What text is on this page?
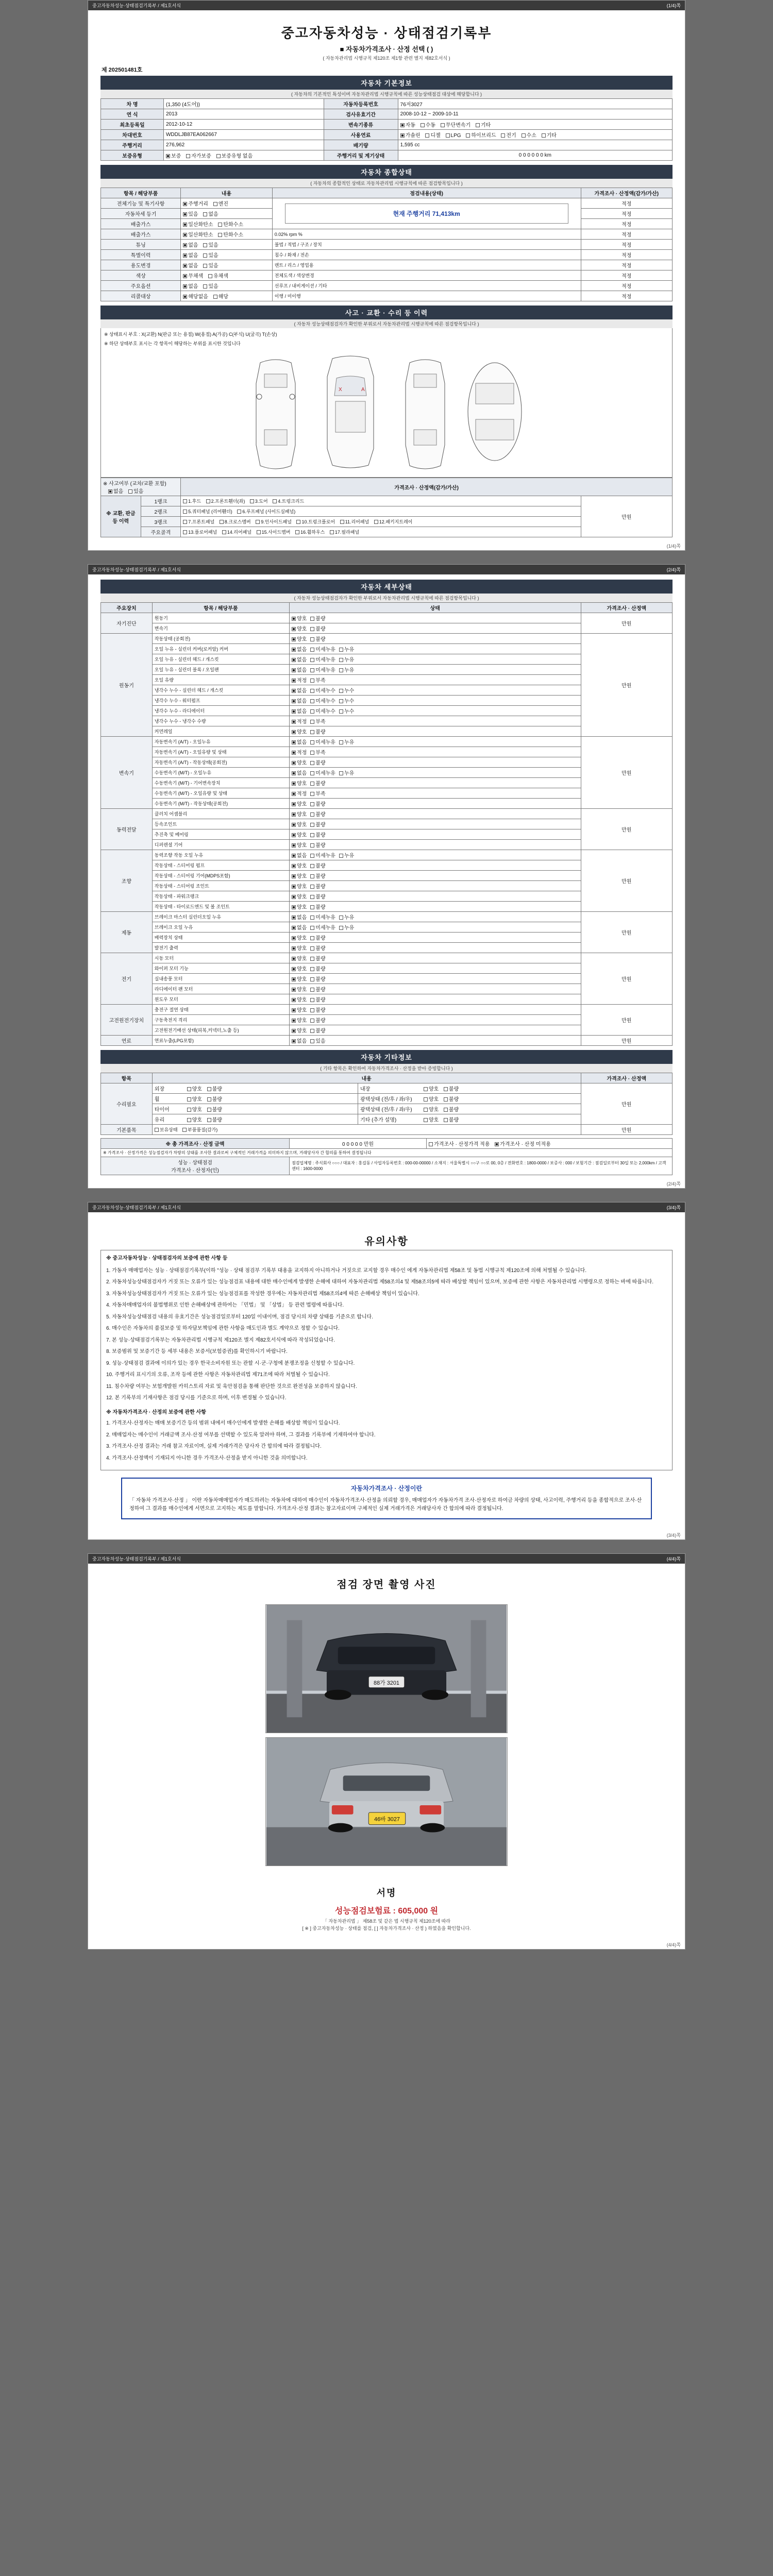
중고자동차성능·상태점검기록부 / 제1호서식	(1/4)쪽
중고자동차성능 · 상태점검기록부
■ 자동차가격조사 · 산정 선택 ( )
( 자동차관리법 시행규칙 제120조 제1항 관련 별지 제82호서식 )
제 202501481호
자동차 기본정보
( 자동차의 기본적인 특성이며 자동차관리법 시행규칙에 따른 성능상태점검 대상에 해당합니다 )
차 명	(1,350 (4도어))	자동차등록번호	76저3027
연 식	2013	검사유효기간	2008-10-12 ~ 2009-10-11
최초등록일	2012-10-12	변속기종류	자동 수동 무단변속기 기타
차대번호	WDDLJB87EA062667	사용연료	가솔린 디젤 LPG 하이브리드 전기 수소 기타
주행거리	276,962	배기량	1,595 cc
보증유형	보증 자가보증 보증유형 없음	주행거리 및 계기상태	0 0 0 0 0 0 km
자동차 종합상태
( 자동차의 종합적인 상태로 자동차관리법 시행규칙에 따른 점검항목입니다 )
항목 / 해당부품	내용	점검내용(상태)	가격조사 · 산정액(감가/가산)
전체기능 및 특기사항	주행거리 엔진	현재 주행거리 71,413km	적정
자동차세 등기	있음 없음		적정
배출가스	일산화탄소 탄화수소		적정
배출가스	일산화탄소 탄화수소	0.02% rpm %	적정
튜닝	없음 있음	불법 / 적법 / 구조 / 장치	적정
특별이력	없음 있음	침수 / 화재 / 전손	적정
용도변경	없음 있음	렌트 / 리스 / 영업용	적정
색상	무채색 유채색	전체도색 / 색상변경	적정
주요옵션	없음 있음	선루프 / 내비게이션 / 기타	적정
리콜대상	해당없음 해당	이행 / 미이행	적정
사고 · 교환 · 수리 등 이력
( 자동차 성능상태점검자가 확인한 부위로서 자동차관리법 시행규칙에 따른 점검항목입니다 )
※ 상태표시 부호 : X(교환) N(판금 또는 용접) W(용접) A(가공) C(부식) U(굴곡) T(손상)
※ 하단 상태부호 표시는 각 항목이 해당하는 부위를 표시한 것입니다
X	A
※ 사고여부 (교차/교환 포함) 없음 있음		가격조사 · 산정액(감가/가산)	
※ 교환, 판금 등 이력	1랭크	1.후드 2.프론트휀더(좌) 3.도어 4.트렁크리드	만원
	2랭크	5.쿼터패널 (리어휀더) 6.루프패널 (사이드실패널)	
	3랭크	7.프론트패널 8.크로스멤버 9.인사이드패널 10.트렁크플로어 11.리어패널 12.패키지트레이	
	주요골격	13.플로어패널 14.리어패널 15.사이드멤버 16.휠하우스 17.필라패널	
(1/4)쪽
중고자동차성능·상태점검기록부 / 제1호서식	(2/4)쪽
자동차 세부상태
( 자동차 성능상태점검자가 확인한 부위로서 자동차관리법 시행규칙에 따른 점검항목입니다 )
주요장치	항목 / 해당부품	상태	가격조사 · 산정액
자기진단	원동기	양호 불량	만원
	변속기	양호 불량	
원동기	작동상태 (공회전)	양호 불량	만원
	오일 누유 - 실린더 커버(로커암) 커버	없음 미세누유 누유	
	오일 누유 - 실린더 헤드 / 개스킷	없음 미세누유 누유	
	오일 누유 - 실린더 블록 / 오일팬	없음 미세누유 누유	
	오일 유량	적정 부족	
	냉각수 누수 - 실린더 헤드 / 개스킷	없음 미세누수 누수	
	냉각수 누수 - 워터펌프	없음 미세누수 누수	
	냉각수 누수 - 라디에이터	없음 미세누수 누수	
	냉각수 누수 - 냉각수 수량	적정 부족	
	커먼레일	양호 불량	
변속기	자동변속기 (A/T) - 오일누유	없음 미세누유 누유	만원
	자동변속기 (A/T) - 오일유량 및 상태	적정 부족	
	자동변속기 (A/T) - 작동상태(공회전)	양호 불량	
	수동변속기 (M/T) - 오일누유	없음 미세누유 누유	
	수동변속기 (M/T) - 기어변속장치	양호 불량	
	수동변속기 (M/T) - 오일유량 및 상태	적정 부족	
	수동변속기 (M/T) - 작동상태(공회전)	양호 불량	
동력전달	클러치 어셈블리	양호 불량	만원
	등속조인트	양호 불량	
	추진축 및 베어링	양호 불량	
	디퍼렌셜 기어	양호 불량	
조향	동력조향 작동 오일 누유	없음 미세누유 누유	만원
	작동상태 - 스티어링 펌프	양호 불량	
	작동상태 - 스티어링 기어(MDPS포함)	양호 불량	
	작동상태 - 스티어링 조인트	양호 불량	
	작동상태 - 파워크랭크	양호 불량	
	작동상태 - 타이로드엔드 및 볼 조인트	양호 불량	
제동	브레이크 마스터 실린더오일 누유	없음 미세누유 누유	만원
	브레이크 오일 누유	없음 미세누유 누유	
	배력장치 상태	양호 불량	
	발전기 출력	양호 불량	
전기	시동 모터	양호 불량	만원
	와이퍼 모터 기능	양호 불량	
	실내송풍 모터	양호 불량	
	라디에이터 팬 모터	양호 불량	
	윈도우 모터	양호 불량	
고전원전기장치	충전구 절연 상태	양호 불량	만원
	구동축전지 격리	양호 불량	
	고전원전기배선 상태(피복,커넥터,노출 등)	양호 불량	
연료	연료누출(LPG포함)	없음 있음	만원
자동차 기타정보
( 기타 항목은 확인하여 자동차가격조사 · 산정을 받아 증빙합니다 )
항목	내용		가격조사 · 산정액
수리필요	외장 양호 불량	내장 양호 불량	만원
	휠 양호 불량	광택상태 (전/후 / 좌/우) 양호 불량	
	타이어 양호 불량	광택상태 (전/후 / 좌/우) 양호 불량	
	유리 양호 불량	기타 (추가 설명) 양호 불량	
기본품목	보유상태 부품품질(감가)		만원
※ 총 가격조사 · 산정 금액	0 0 0 0 0 만원	가격조사 · 산정가격 적용 가격조사 · 산정 미적용
※ 가격조사 · 산정가격은 성능점검자가 차량의 상태를 조사한 결과로써 구체적인 거래가격을 의미하지 않으며, 거래당사자 간 합의를 통하여 결정됩니다		

성능 · 상태점검
가격조사 · 산정자(인)	점검업체명 : 주식회사 ○○○ / 대표자 : 홍길동 / 사업자등록번호 : 000-00-00000 / 소재지 : 서울특별시 ○○구 ○○로 00, 0층 / 전화번호 : 1800-0000 / 보증사 : 000 / 보험기간 : 점검일로부터 30일 또는 2,000km / 고객센터 : 1600-0000	
(2/4)쪽
중고자동차성능·상태점검기록부 / 제1호서식	(3/4)쪽
유의사항
※ 중고자동차성능 · 상태점검자의 보증에 관한 사항 등

1. 가동자 매매업자는 성능 · 상태점검기록부(이하 "성능 · 상태 점검부 기록부 대용을 교지하지 아니하거나 거짓으로 교지할 경우 매수인 에게 자동차관리법 제58조 및 동법 시행규칙 제120조에 의해 처벌될 수 있습니다.

2. 자동차성능상태점검자가 거짓 또는 오류가 있는 성능점검표 내용에 대한 매수인에게 발생한 손해에 대하여 자동차관리법 제58조의4 및 제58조의5에 따라 배상할 책임이 있으며, 보증에 관한 사항은 자동차관리법 시행령으로 정하는 바에 따릅니다.

3. 자동차성능상태점검자가 거짓 또는 오류가 있는 성능점검표를 작성한 경우에는 자동차관리법 제58조의4에 따른 손해배상 책임이 있습니다.

4. 자동차매매업자의 불법행위로 인한 손해배상에 관하여는 「민법」 및 「상법」 등 관련 법령에 따릅니다.

5. 자동차성능상태점검 내용의 유효기간은 성능점검일로부터 120일 이내이며, 점검 당시의 차량 상태를 기준으로 합니다.

6. 매수인은 자동차의 품질보증 및 하자담보책임에 관한 사항을 매도인과 별도 계약으로 정할 수 있습니다.

7. 본 성능·상태점검기록부는 자동차관리법 시행규칙 제120조 별지 제82호서식에 따라 작성되었습니다.

8. 보증범위 및 보증기간 등 세부 내용은 보증서(보험증권)를 확인하시기 바랍니다.

9. 성능·상태점검 결과에 이의가 있는 경우 한국소비자원 또는 관할 시·군·구청에 분쟁조정을 신청할 수 있습니다.

10. 주행거리 표시기의 오류, 조작 등에 관한 사항은 자동차관리법 제71조에 따라 처벌될 수 있습니다.

11. 침수차량 여부는 보험개발원 카히스토리 자료 및 육안점검을 통해 판단한 것으로 완전성을 보증하지 않습니다.

12. 본 기록부의 기재사항은 점검 당시를 기준으로 하며, 이후 변경될 수 있습니다.

※ 자동차가격조사 · 산정의 보증에 관한 사항

1. 가격조사·산정자는 매매 보증기간 등의 범위 내에서 매수인에게 발생한 손해를 배상할 책임이 있습니다.

2. 매매업자는 매수인이 거래금액 조사·산정 여부를 선택할 수 있도록 알려야 하며, 그 결과를 기록부에 기재하여야 합니다.

3. 가격조사·산정 결과는 거래 참고 자료이며, 실제 거래가격은 당사자 간 합의에 따라 결정됩니다.

4. 가격조사·산정액이 기재되지 아니한 경우 가격조사·산정을 받지 아니한 것을 의미합니다.

자동차가격조사 · 산정이란
「 자동차 가격조사·산정 」 이란 자동차매매업자가 매도하려는 자동차에 대하여 매수인이 자동차가격조사·산정을 의뢰할 경우, 매매업자가 자동차가격 조사·산정자로 하여금 차량의 상태, 사고이력, 주행거리 등을 종합적으로 조사·산정하여 그 결과를 매수인에게 서면으로 고지하는 제도를 말합니다. 가격조사·산정 결과는 참고자료이며 구체적인 실제 거래가격은 거래당사자 간 합의에 따라 결정됩니다.
(3/4)쪽
중고자동차성능·상태점검기록부 / 제1호서식	(4/4)쪽
점검 장면 촬영 사진
88가 3201
46바 3027
서명
성능점검보험료 : 605,000 원
「 자동차관리법 」 제58조 및 같은 법 시행규칙 제120조에 따라
[ ※ ] 중고자동차성능 · 상태를 점검, [ ] 자동차가격조사 · 산정 ) 하였음을 확인합니다.
(4/4)쪽
